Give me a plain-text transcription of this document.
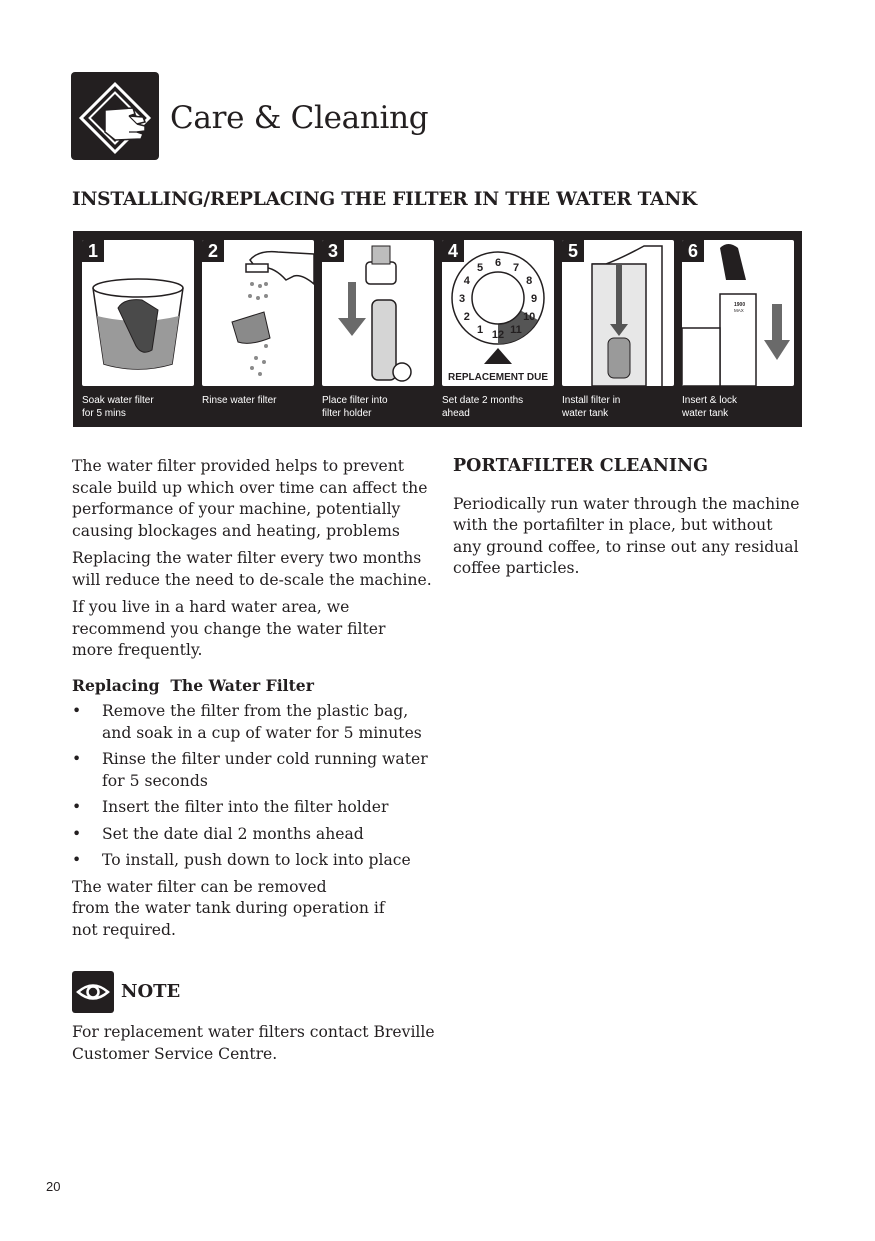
Care & Cleaning
INSTALLING/REPLACING THE FILTER IN THE WATER TANK
1
Soak water filter
for 5 mins
2
Rinse water filter
3
Place filter into
filter holder
1
2
3
4
5 6 7
8
9
10
11
12
REPLACEMENT DUE
4
Set date 2 months
ahead
5
Install filter in
water tank
1900
MAX
6
Insert & lock
water tank

The water filter provided helps to prevent
scale build up which over time can affect the
performance of your machine, potentially
causing blockages and heating, problems

Replacing the water filter every two months
will reduce the need to de-scale the machine.

If you live in a hard water area, we
recommend you change the water filter
more frequently.

Replacing  The Water Filter
• Remove the filter from the plastic bag,
and soak in a cup of water for 5 minutes
• Rinse the filter under cold running water
for 5 seconds
• Insert the filter into the filter holder
• Set the date dial 2 months ahead
• To install, push down to lock into place

The water filter can be removed
from the water tank during operation if
not required.

PORTAFILTER CLEANING

Periodically run water through the machine
with the portafilter in place, but without
any ground coffee, to rinse out any residual
coffee particles.

NOTE
For replacement water filters contact Breville
Customer Service Centre.
20
